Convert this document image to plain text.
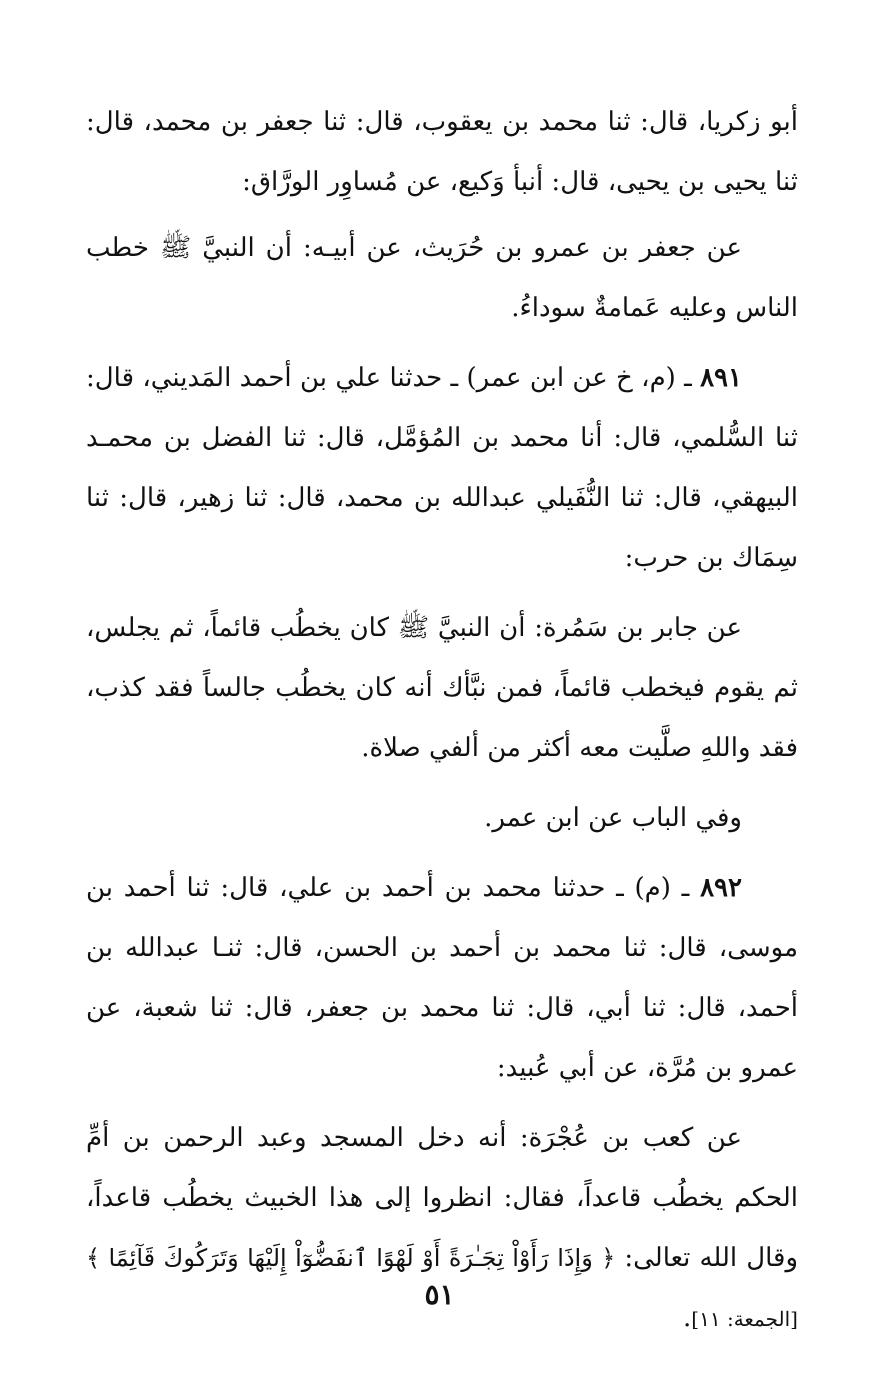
أبو زكريا، قال: ثنا محمد بن يعقوب، قال: ثنا جعفر بن محمد، قال: ثنا يحيى بن يحيى، قال: أنبأ وَكيع، عن مُساوِر الورَّاق:

عن جعفر بن عمرو بن حُرَيث، عن أبيـه: أن النبيَّ ﷺ خطب الناس وعليه عَمامةٌ سوداءُ.

٨٩١ ـ (م، خ عن ابن عمر) ـ حدثنا علي بن أحمد المَديني، قال: ثنا السُّلمي، قال: أنا محمد بن المُؤمَّل، قال: ثنا الفضل بن محمـد البيهقي، قال: ثنا النُّفَيلي عبدالله بن محمد، قال: ثنا زهير، قال: ثنا سِمَاك بن حرب:

عن جابر بن سَمُرة: أن النبيَّ ﷺ كان يخطُب قائماً، ثم يجلس، ثم يقوم فيخطب قائماً، فمن نبَّأك أنه كان يخطُب جالساً فقد كذب، فقد واللهِ صلَّيت معه أكثر من ألفي صلاة.

وفي الباب عن ابن عمر.

٨٩٢ ـ (م) ـ حدثنا محمد بن أحمد بن علي، قال: ثنا أحمد بن موسى، قال: ثنا محمد بن أحمد بن الحسن، قال: ثنـا عبدالله بن أحمد، قال: ثنا أبي، قال: ثنا محمد بن جعفر، قال: ثنا شعبة، عن عمرو بن مُرَّة، عن أبي عُبيد:

عن كعب بن عُجْرَة: أنه دخل المسجد وعبد الرحمن بن أمِّ الحكم يخطُب قاعداً، فقال: انظروا إلى هذا الخبيث يخطُب قاعداً، وقال الله تعالى: ﴿ وَإِذَا رَأَوْاْ تِجَـٰرَةً أَوْ لَهْوًا ٱنفَضُّوٓاْ إِلَيْهَا وَتَرَكُوكَ قَآئِمًا ﴾[الجمعة: ١١].

٥١
